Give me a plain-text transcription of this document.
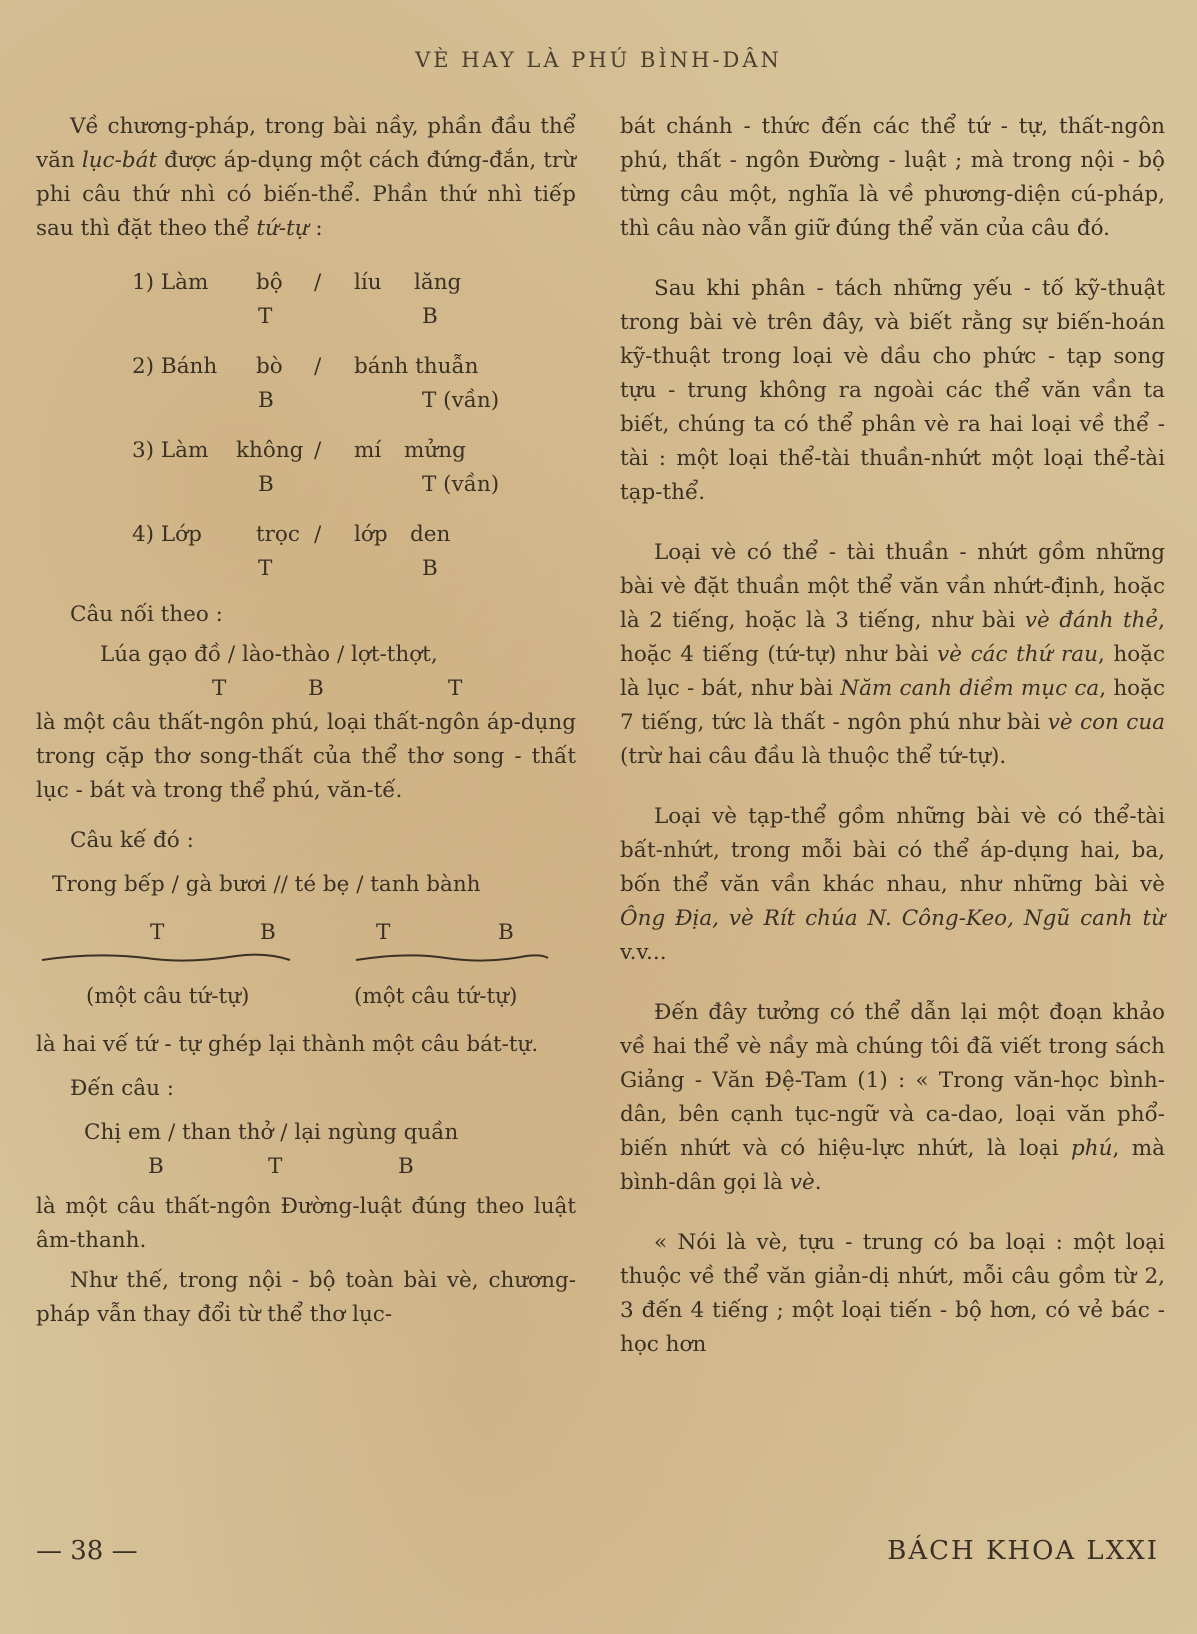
VÈ HAY LÀ PHÚ BÌNH-DÂN

Về chương-pháp, trong bài nầy, phần đầu thể văn lục-bát được áp-dụng một cách đứng-đắn, trừ phi câu thứ nhì có biến-thể. Phần thứ nhì tiếp sau thì đặt theo thể tứ-tự :

1) Làm bộ / líu lăng
T	B
2) Bánh bò / bánh thuẫn
B	T (vần)
3) Làm không / mí mửng
B	T (vần)
4) Lớp	trọc / lớp den
T	B

Câu nối theo :

Lúa gạo đồ / lào-thào / lợt-thợt,
T	B	T

là một câu thất-ngôn phú, loại thất-ngôn áp-dụng trong cặp thơ song-thất của thể thơ song - thất lục - bát và trong thể phú, văn-tế.

Câu kế đó :

Trong bếp / gà bươi // té bẹ / tanh bành
T	B	T	B
(một câu tứ-tự)	(một câu tứ-tự)

là hai vế tứ - tự ghép lại thành một câu bát-tự.

Đến câu :

Chị em / than thở / lại ngùng quần
B	T	B

là một câu thất-ngôn Đường-luật đúng theo luật âm-thanh.

Như thế, trong nội - bộ toàn bài vè, chương-pháp vẫn thay đổi từ thể thơ lục-

bát chánh - thức đến các thể tứ - tự, thất-ngôn phú, thất - ngôn Đường - luật ; mà trong nội - bộ từng câu một, nghĩa là về phương-diện cú-pháp, thì câu nào vẫn giữ đúng thể văn của câu đó.

Sau khi phân - tách những yếu - tố kỹ-thuật trong bài vè trên đây, và biết rằng sự biến-hoán kỹ-thuật trong loại vè dầu cho phức - tạp song tựu - trung không ra ngoài các thể văn vần ta biết, chúng ta có thể phân vè ra hai loại về thể - tài : một loại thể-tài thuần-nhứt một loại thể-tài tạp-thể.

Loại vè có thể - tài thuần - nhứt gồm những bài vè đặt thuần một thể văn vần nhứt-định, hoặc là 2 tiếng, hoặc là 3 tiếng, như bài vè đánh thẻ, hoặc 4 tiếng (tứ-tự) như bài vè các thứ rau, hoặc là lục - bát, như bài Năm canh diềm mục ca, hoặc 7 tiếng, tức là thất - ngôn phú như bài vè con cua (trừ hai câu đầu là thuộc thể tứ-tự).

Loại vè tạp-thể gồm những bài vè có thể-tài bất-nhứt, trong mỗi bài có thể áp-dụng hai, ba, bốn thể văn vần khác nhau, như những bài vè Ông Địa, vè Rít chúa N. Công-Keo, Ngũ canh từ v.v...

Đến đây tưởng có thể dẫn lại một đoạn khảo về hai thể vè nầy mà chúng tôi đã viết trong sách Giảng - Văn Đệ-Tam (1) : « Trong văn-học bình-dân, bên cạnh tục-ngữ và ca-dao, loại văn phổ-biến nhứt và có hiệu-lực nhứt, là loại phú, mà bình-dân gọi là vè.

« Nói là vè, tựu - trung có ba loại : một loại thuộc về thể văn giản-dị nhứt, mỗi câu gồm từ 2, 3 đến 4 tiếng ; một loại tiến - bộ hơn, có vẻ bác - học hơn

— 38 —	BÁCH KHOA LXXI
